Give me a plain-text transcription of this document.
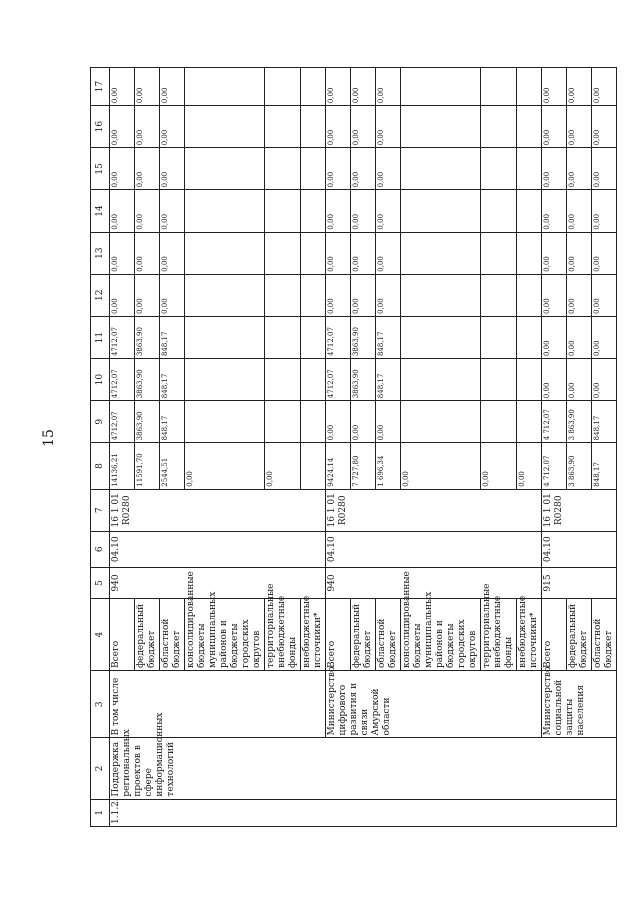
15
1	2	3	4	5	6	7	8	9	10	11	12	13	14	15	16	17
1.1.2.	Поддержка региональных проектов в сфере информационных технологий	В том числе	Всего	940	04.10	16 1 01 R0280	14136,21	4712,07	4712,07	4712,07	0,00	0,00	0,00	0,00	0,00	0,00
			федеральный бюджет				11591,70	3863,90	3863,90	3863,90	0,00	0,00	0,00	0,00	0,00	0,00
			областной бюджет				2544,51	848,17	848,17	848,17	0,00	0,00	0,00	0,00	0,00	0,00
			консолидированные бюджеты муниципальных районов и бюджеты городских округов				0,00									
			территориальные внебюджетные фонды				0,00									
			внебюджетные источники*													
		Министерство цифрового развития и связи Амурской области	Всего	940	04.10	16 1 01 R0280	9424,14	0,00	4712,07	4712,07	0,00	0,00	0,00	0,00	0,00	0,00
			федеральный бюджет				7 727,80	0,00	3863,90	3863,90	0,00	0,00	0,00	0,00	0,00	0,00
			областной бюджет				1 696,34	0,00	848,17	848,17	0,00	0,00	0,00	0,00	0,00	0,00
			консолидированные бюджеты муниципальных районов и бюджеты городских округов				0,00									
			территориальные внебюджетные фонды				0,00									
			внебюджетные источники*				0,00									
		Министерство социальной защиты населения	Всего	915	04.10	16 1 01 R0280	4 712,07	4 712,07	0,00	0,00	0,00	0,00	0,00	0,00	0,00	0,00
			федеральный бюджет				3 863,90	3 863,90	0,00	0,00	0,00	0,00	0,00	0,00	0,00	0,00
			областной бюджет				848,17	848,17	0,00	0,00	0,00	0,00	0,00	0,00	0,00	0,00
